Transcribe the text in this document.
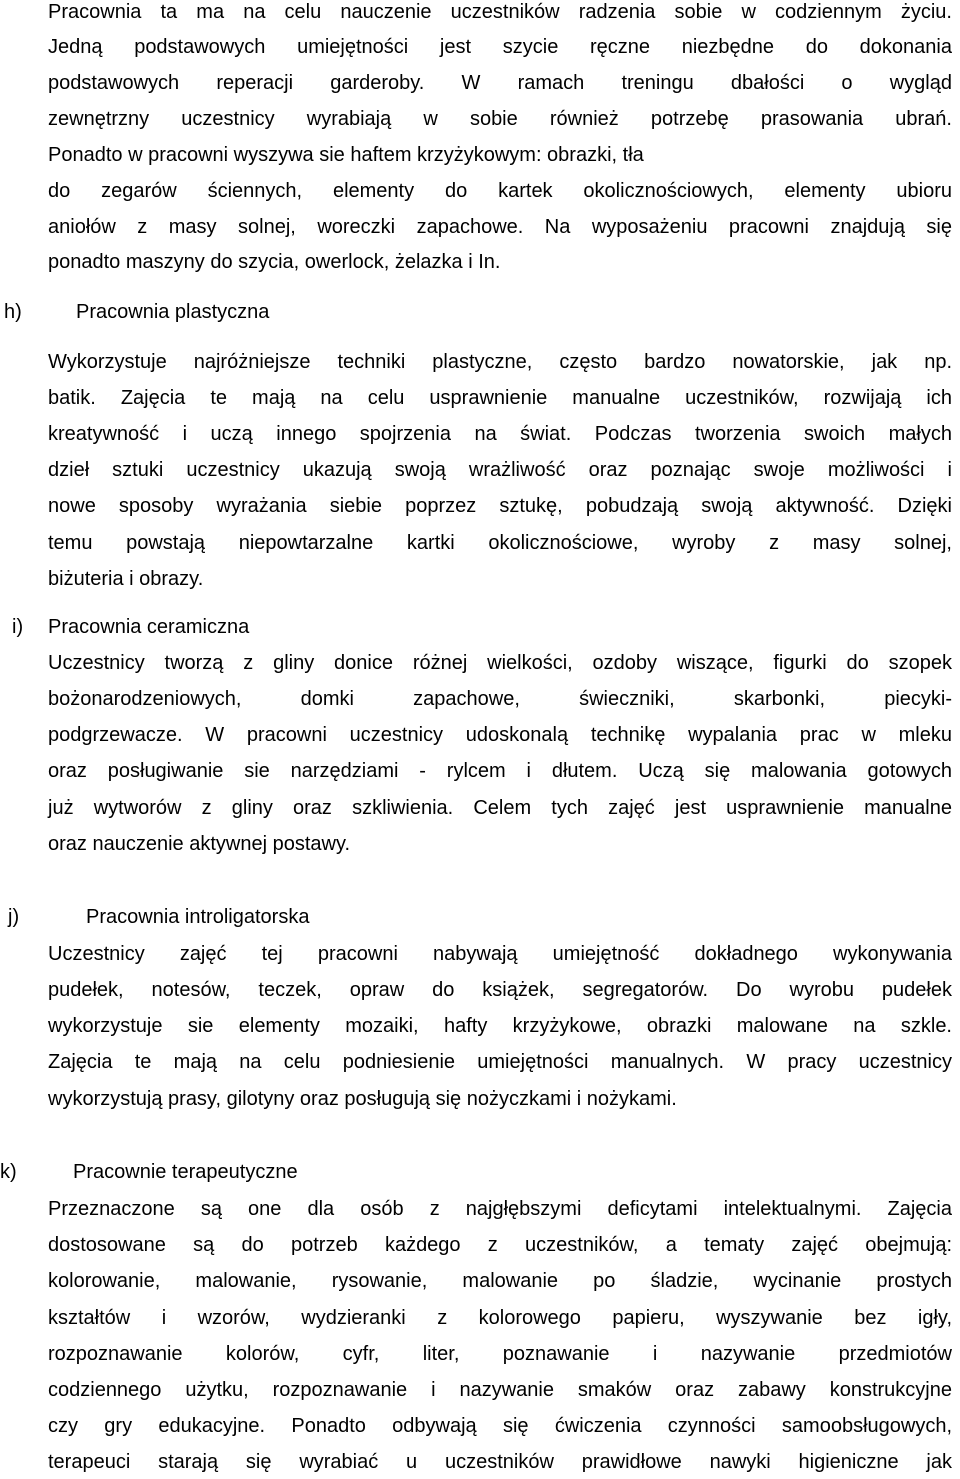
Pracownia ta ma na celu nauczenie uczestników radzenia sobie w codziennym życiu.
Jedną podstawowych umiejętności jest szycie ręczne niezbędne do dokonania
podstawowych reperacji garderoby. W ramach treningu dbałości o wygląd
zewnętrzny uczestnicy wyrabiają w sobie również potrzebę prasowania ubrań.
Ponadto w pracowni wyszywa sie haftem krzyżykowym: obrazki, tła
do zegarów ściennych, elementy do kartek okolicznościowych, elementy ubioru
aniołów z masy solnej, woreczki zapachowe. Na wyposażeniu pracowni znajdują się
ponadto maszyny do szycia, owerlock, żelazka i In.
h)	Pracownia plastyczna
Wykorzystuje najróżniejsze techniki plastyczne, często bardzo nowatorskie, jak np.
batik. Zajęcia te mają na celu usprawnienie manualne uczestników, rozwijają ich
kreatywność i uczą innego spojrzenia na świat. Podczas tworzenia swoich małych
dzieł sztuki uczestnicy ukazują swoją wrażliwość oraz poznając swoje możliwości i
nowe sposoby wyrażania siebie poprzez sztukę, pobudzają swoją aktywność. Dzięki
temu powstają niepowtarzalne kartki okolicznościowe, wyroby z masy solnej,
biżuteria i obrazy.
i) Pracownia ceramiczna
Uczestnicy tworzą z gliny donice różnej wielkości, ozdoby wiszące, figurki do szopek
bożonarodzeniowych, domki zapachowe, świeczniki, skarbonki, piecyki-
podgrzewacze. W pracowni uczestnicy udoskonalą technikę wypalania prac w mleku
oraz posługiwanie sie narzędziami - rylcem i dłutem. Uczą się malowania gotowych
już wytworów z gliny oraz szkliwienia. Celem tych zajęć jest usprawnienie manualne
oraz nauczenie aktywnej postawy.
j)	Pracownia introligatorska
Uczestnicy zajęć tej pracowni nabywają umiejętność dokładnego wykonywania
pudełek, notesów, teczek, opraw do książek, segregatorów. Do wyrobu pudełek
wykorzystuje sie elementy mozaiki, hafty krzyżykowe, obrazki malowane na szkle.
Zajęcia te mają na celu podniesienie umiejętności manualnych. W pracy uczestnicy
wykorzystują prasy, gilotyny oraz posługują się nożyczkami i nożykami.
k)	Pracownie terapeutyczne
Przeznaczone są one dla osób z najgłębszymi deficytami intelektualnymi. Zajęcia
dostosowane są do potrzeb każdego z uczestników, a tematy zajęć obejmują:
kolorowanie, malowanie, rysowanie, malowanie po śladzie, wycinanie prostych
kształtów i wzorów, wydzieranki z kolorowego papieru, wyszywanie bez igły,
rozpoznawanie kolorów, cyfr, liter, poznawanie i nazywanie przedmiotów
codziennego użytku, rozpoznawanie i nazywanie smaków oraz zabawy konstrukcyjne
czy gry edukacyjne. Ponadto odbywają się ćwiczenia czynności samoobsługowych,
terapeuci starają się wyrabiać u uczestników prawidłowe nawyki higieniczne jak
